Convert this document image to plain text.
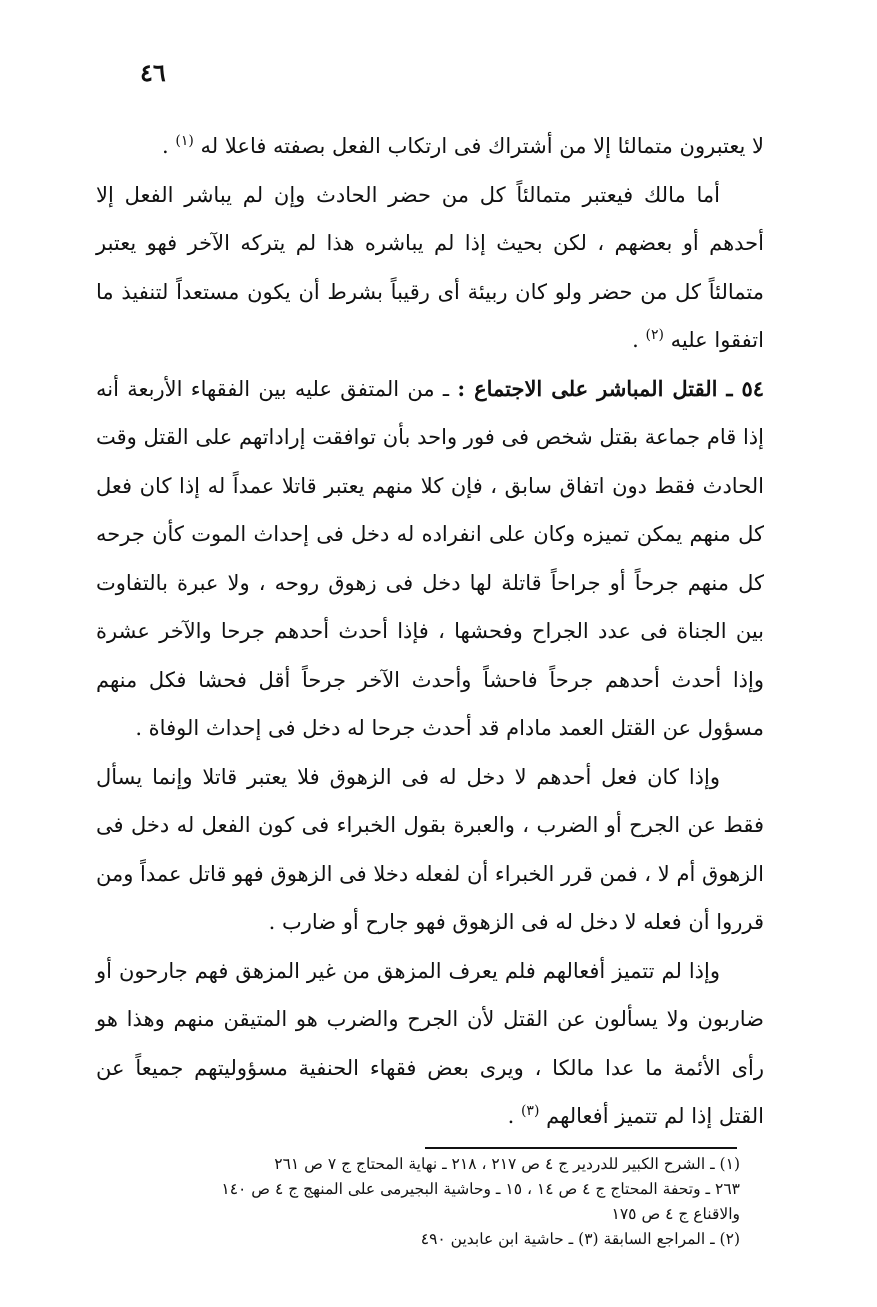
٤٦

لا يعتبرون متمالئا إلا من أشتراك فى ارتكاب الفعل بصفته فاعلا له $^{(١)}$ .

أما مالك فيعتبر متمالئاً كل من حضر الحادث وإن لم يباشر الفعل إلا أحدهم أو بعضهم ، لكن بحيث إذا لم يباشره هذا لم يتركه الآخر فهو يعتبر متمالئاً كل من حضر ولو كان ربيئة أى رقيباً بشرط أن يكون مستعداً لتنفيذ ما اتفقوا عليه $^{(٢)}$ .

٥٤ ـ القتل المباشر على الاجتماع : ـ من المتفق عليه بين الفقهاء الأربعة أنه إذا قام جماعة بقتل شخص فى فور واحد بأن توافقت إراداتهم على القتل وقت الحادث فقط دون اتفاق سابق ، فإن كلا منهم يعتبر قاتلا عمداً له إذا كان فعل كل منهم يمكن تميزه وكان على انفراده له دخل فى إحداث الموت كأن جرحه كل منهم جرحاً أو جراحاً قاتلة لها دخل فى زهوق روحه ، ولا عبرة بالتفاوت بين الجناة فى عدد الجراح وفحشها ، فإذا أحدث أحدهم جرحا والآخر عشرة وإذا أحدث أحدهم جرحاً فاحشاً وأحدث الآخر جرحاً أقل فحشا فكل منهم مسؤول عن القتل العمد مادام قد أحدث جرحا له دخل فى إحداث الوفاة .

وإذا كان فعل أحدهم لا دخل له فى الزهوق فلا يعتبر قاتلا وإنما يسأل فقط عن الجرح أو الضرب ، والعبرة بقول الخبراء فى كون الفعل له دخل فى الزهوق أم لا ، فمن قرر الخبراء أن لفعله دخلا فى الزهوق فهو قاتل عمداً ومن قرروا أن فعله لا دخل له فى الزهوق فهو جارح أو ضارب .

وإذا لم تتميز أفعالهم فلم يعرف المزهق من غير المزهق فهم جارحون أو ضاربون ولا يسألون عن القتل لأن الجرح والضرب هو المتيقن منهم وهذا هو رأى الأئمة ما عدا مالكا ، ويرى بعض فقهاء الحنفية مسؤوليتهم جميعاً عن القتل إذا لم تتميز أفعالهم $^{(٣)}$ .

(١) ـ الشرح الكبير للدردير ج ٤ ص ٢١٧ ، ٢١٨ ـ نهاية المحتاج ج ٧ ص ٢٦١
٢٦٣ ـ وتحفة المحتاج ج ٤ ص ١٤ ، ١٥ ـ وحاشية البجيرمى على المنهج ج ٤ ص ١٤٠
والاقناع ج ٤ ص ١٧٥
(٢) ـ المراجع السابقة (٣) ـ حاشية ابن عابدين ٤٩٠
